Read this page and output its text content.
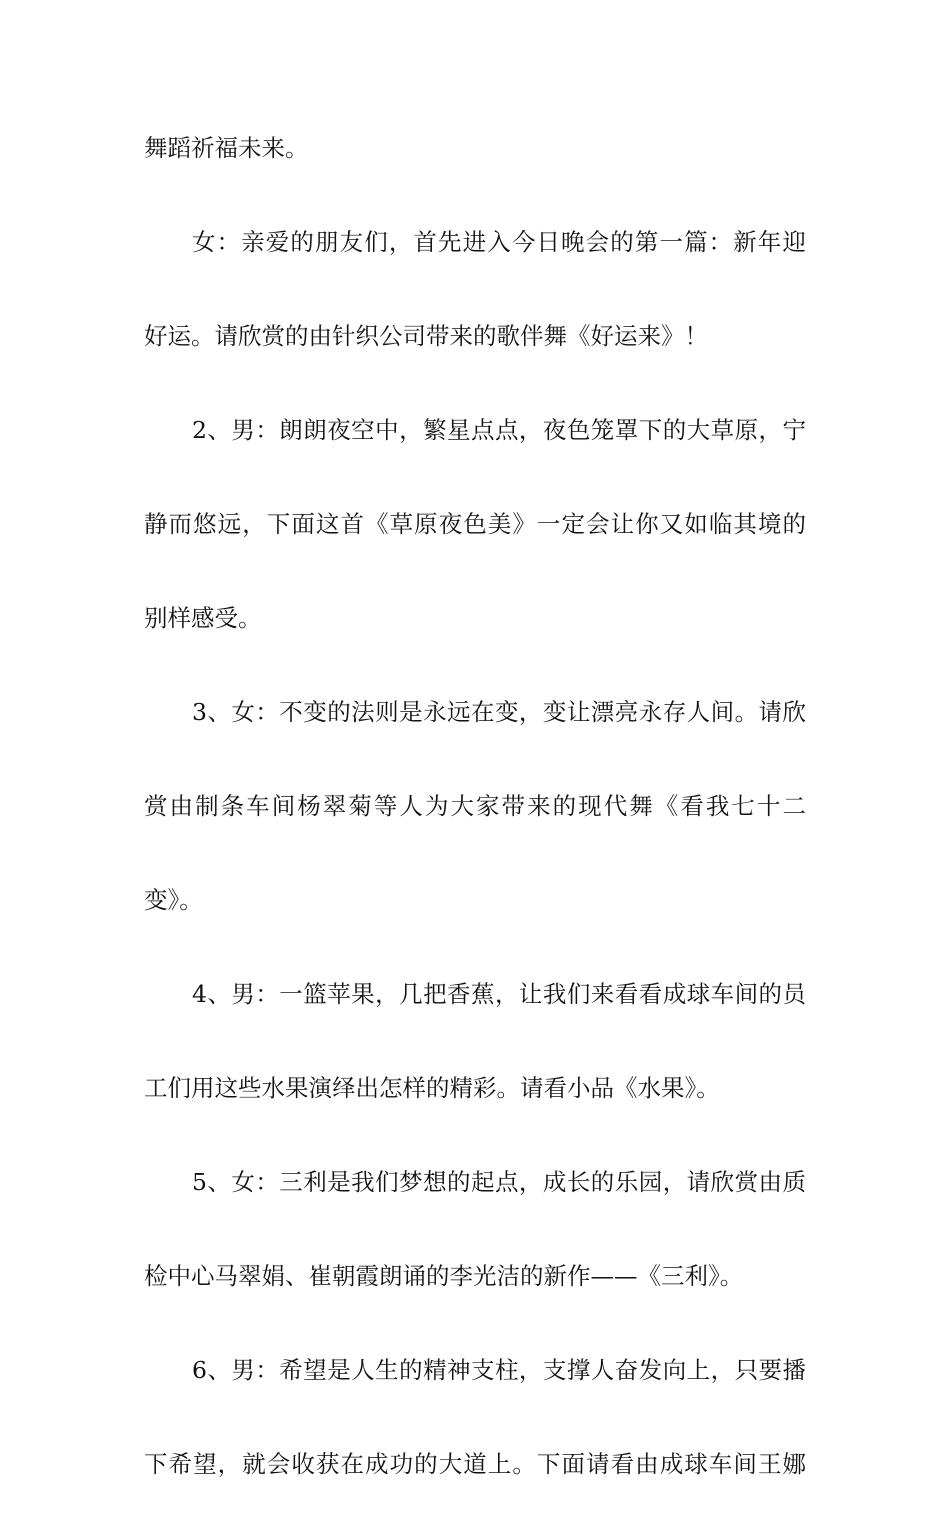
舞蹈祈福未来。
女：亲爱的朋友们，首先进入今日晚会的第一篇：新年迎
好运。请欣赏的由针织公司带来的歌伴舞《好运来》！
2、男：朗朗夜空中，繁星点点，夜色笼罩下的大草原，宁
静而悠远，下面这首《草原夜色美》一定会让你又如临其境的
别样感受。
3、女：不变的法则是永远在变，变让漂亮永存人间。请欣
赏由制条车间杨翠菊等人为大家带来的现代舞《看我七十二
变》。
4、男：一篮苹果，几把香蕉，让我们来看看成球车间的员
工们用这些水果演绎出怎样的精彩。请看小品《水果》。
5、女：三利是我们梦想的起点，成长的乐园，请欣赏由质
检中心马翠娟、崔朝霞朗诵的李光洁的新作——《三利》。
6、男：希望是人生的精神支柱，支撑人奋发向上，只要播
下希望，就会收获在成功的大道上。下面请看由成球车间王娜
